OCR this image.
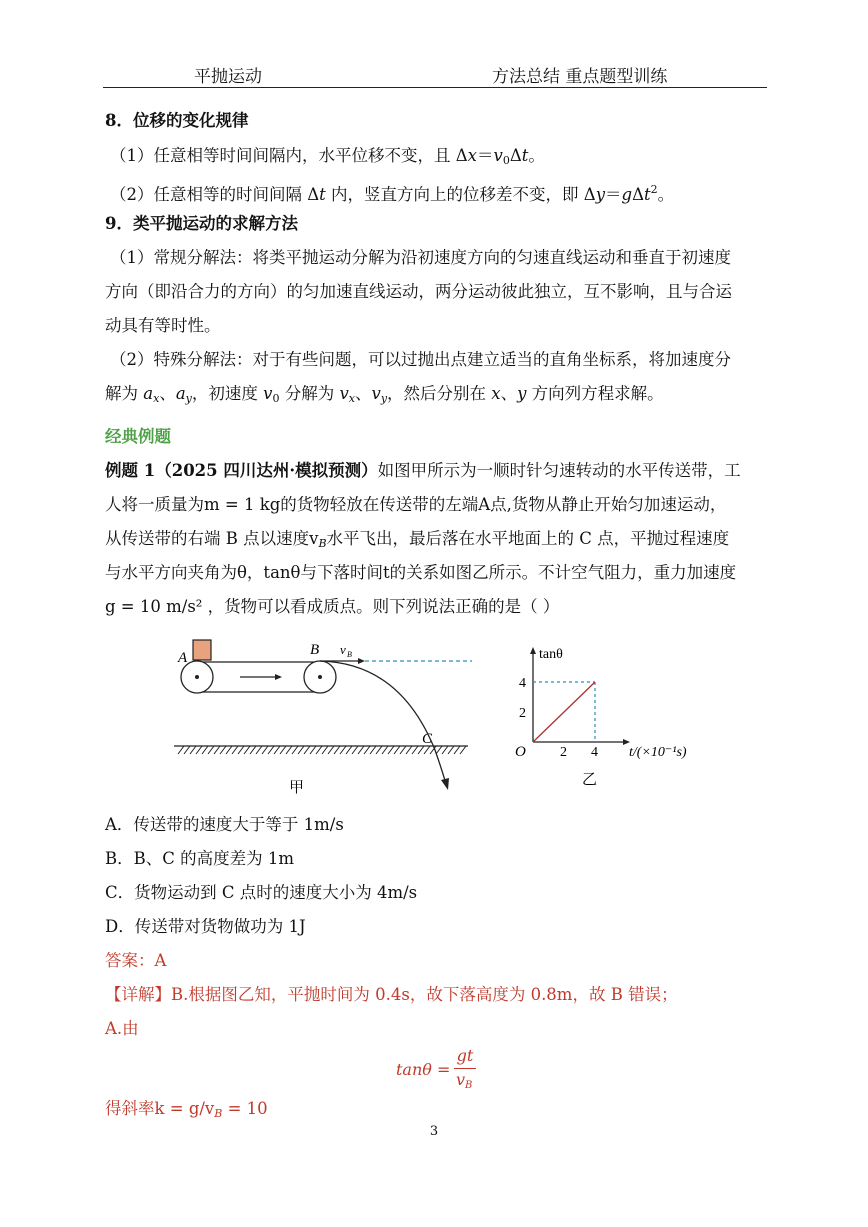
平抛运动	方法总结 重点题型训练
8．位移的变化规律
（1）任意相等时间间隔内，水平位移不变，且 $\Delta x=v_0\Delta t$。
（2）任意相等的时间间隔 Δt 内，竖直方向上的位移差不变，即 Δy＝gΔt$^2$。
9．类平抛运动的求解方法
（1）常规分解法：将类平抛运动分解为沿初速度方向的匀速直线运动和垂直于初速度
方向（即沿合力的方向）的匀加速直线运动，两分运动彼此独立，互不影响，且与合运
动具有等时性。
（2）特殊分解法：对于有些问题，可以过抛出点建立适当的直角坐标系，将加速度分
解为 $a_x$、$a_y$，初速度 $v_0$ 分解为 $v_x$、$v_y$，然后分别在 x、y 方向列方程求解。
经典例题
例题 1（2025 四川达州·模拟预测）如图甲所示为一顺时针匀速转动的水平传送带，工
人将一质量为m = 1 kg的货物轻放在传送带的左端A点,货物从静止开始匀加速运动，
从传送带的右端 B 点以速度$v_B$水平飞出，最后落在水平地面上的 C 点，平抛过程速度
与水平方向夹角为θ，tanθ与下落时间t的关系如图乙所示。不计空气阻力，重力加速度
g = 10 m/s² ，货物可以看成质点。则下列说法正确的是（ ）
A	B v B
C
甲
2 4
2
4
tanθ
t/(×10⁻¹s)
O
乙
A．传送带的速度大于等于 1m/s
B．B、C 的高度差为 1m
C．货物运动到 C 点时的速度大小为 4m/s
D．传送带对货物做功为 1J
答案：A
【详解】B.根据图乙知，平抛时间为 0.4s，故下落高度为 0.8m，故 B 错误；
A.由
tanθ =
gt
vB
得斜率$k = g/v_B = 10$
3
